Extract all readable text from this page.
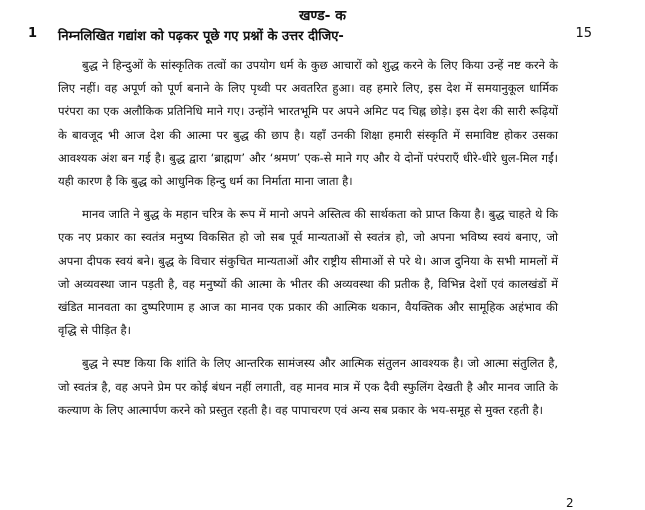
खण्ड- क
1 निम्नलिखित गद्यांश को पढ़कर पूछे गए प्रश्नों के उत्तर दीजिए-	15

बुद्ध ने हिन्दुओं के सांस्कृतिक तत्वों का उपयोग धर्म के कुछ आचारों को शुद्ध करने के लिए किया उन्हें नष्ट करने के लिए नहीं। वह अपूर्ण को पूर्ण बनाने के लिए पृथ्वी पर अवतरित हुआ। वह हमारे लिए, इस देश में समयानुकूल धार्मिक परंपरा का एक अलौकिक प्रतिनिधि माने गए। उन्होंने भारतभूमि पर अपने अमिट पद चिह्न छोड़े। इस देश की सारी रूढ़ियों के बावजूद भी आज देश की आत्मा पर बुद्ध की छाप है। यहाँ उनकी शिक्षा हमारी संस्कृति में समाविष्ट होकर उसका आवश्यक अंश बन गई है। बुद्ध द्वारा ‘ब्राह्मण’ और ‘श्रमण’ एक-से माने गए और ये दोनों परंपराएँ धीरे-धीरे धुल-मिल गईं। यही कारण है कि बुद्ध को आधुनिक हिन्दु धर्म का निर्माता माना जाता है।

मानव जाति ने बुद्ध के महान चरित्र के रूप में मानो अपने अस्तित्व की सार्थकता को प्राप्त किया है। बुद्ध चाहते थे कि एक नए प्रकार का स्वतंत्र मनुष्य विकसित हो जो सब पूर्व मान्यताओं से स्वतंत्र हो, जो अपना भविष्य स्वयं बनाए, जो अपना दीपक स्वयं बने। बुद्ध के विचार संकुचित मान्यताओं और राष्ट्रीय सीमाओं से परे थे। आज दुनिया के सभी मामलों में जो अव्यवस्था जान पड़ती है, वह मनुष्यों की आत्मा के भीतर की अव्यवस्था की प्रतीक है, विभिन्न देशों एवं कालखंडों में खंडित मानवता का दुष्परिणाम ह आज का मानव एक प्रकार की आत्मिक थकान, वैयक्तिक और सामूहिक अहंभाव की वृद्धि से पीड़ित है।

बुद्ध ने स्पष्ट किया कि शांति के लिए आन्तरिक सामंजस्य और आत्मिक संतुलन आवश्यक है। जो आत्मा संतुलित है, जो स्वतंत्र है, वह अपने प्रेम पर कोई बंधन नहीं लगाती, वह मानव मात्र में एक दैवी स्फुलिंग देखती है और मानव जाति के कल्याण के लिए आत्मार्पण करने को प्रस्तुत रहती है। वह पापाचरण एवं अन्य सब प्रकार के भय-समूह से मुक्त रहती है।

2
